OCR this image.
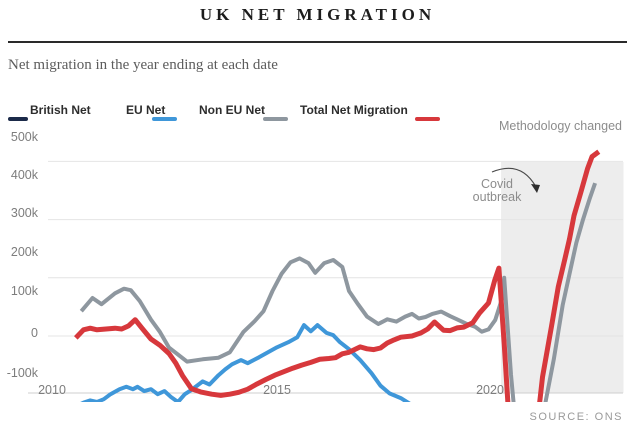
UK NET MIGRATION
Net migration in the year ending at each date
British Net	EU Net	Non EU Net	Total Net Migration
Methodology changed
Covid
outbreak
500k
400k
300k
200k
100k
0
-100k
2010	2015	2020
SOURCE: ONS
